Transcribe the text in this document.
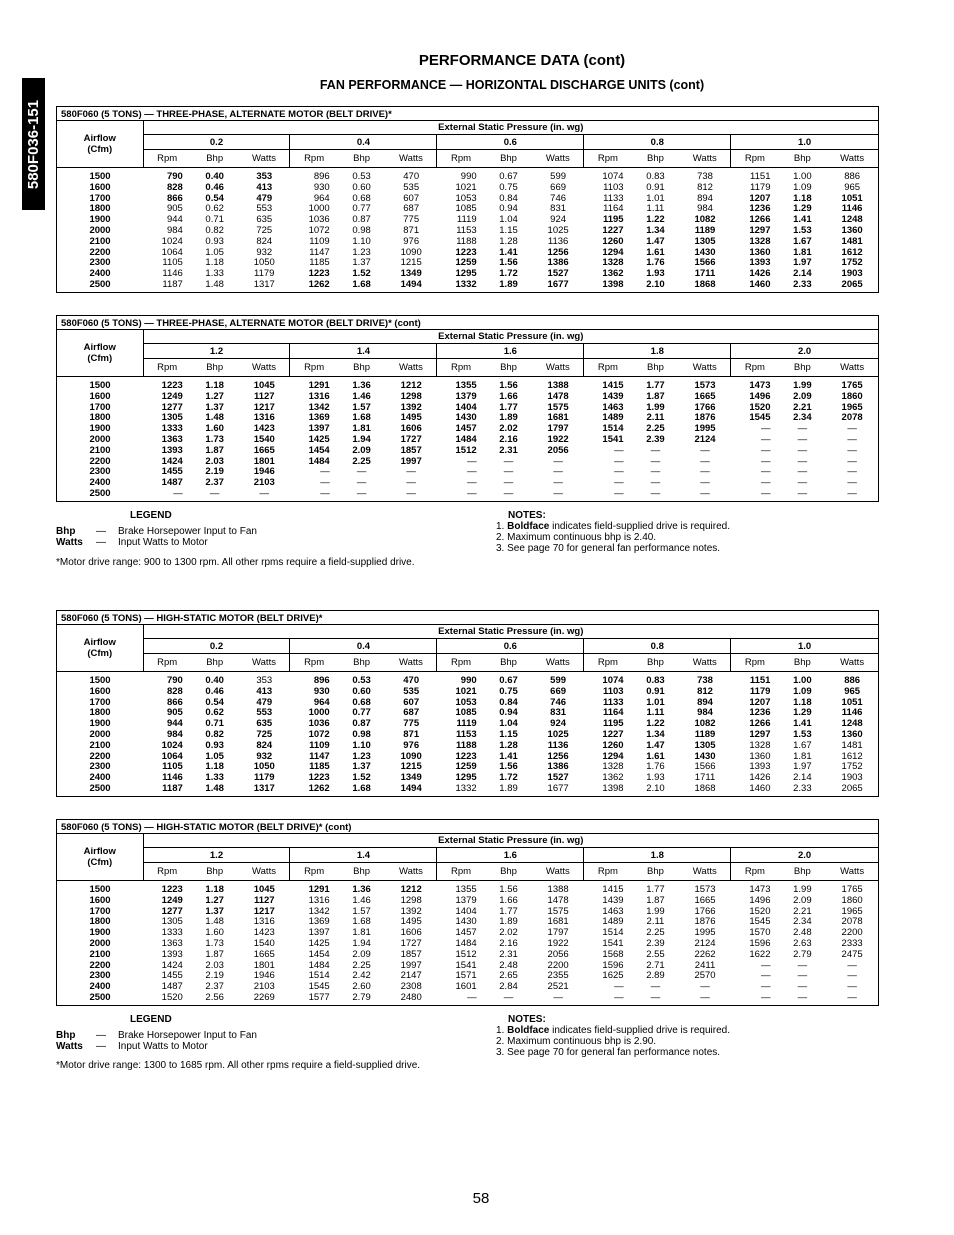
580F036-151
PERFORMANCE DATA (cont)
FAN PERFORMANCE — HORIZONTAL DISCHARGE UNITS (cont)
580F060 (5 TONS) — THREE-PHASE, ALTERNATE MOTOR (BELT DRIVE)*
Airflow
(Cfm)	External Static Pressure (in. wg)														
	0.2			0.4			0.6			0.8			1.0		
	Rpm	Bhp	Watts	Rpm	Bhp	Watts	Rpm	Bhp	Watts	Rpm	Bhp	Watts	Rpm	Bhp	Watts
1500	790	0.40	353	896	0.53	470	990	0.67	599	1074	0.83	738	1151	1.00	886
1600	828	0.46	413	930	0.60	535	1021	0.75	669	1103	0.91	812	1179	1.09	965
1700	866	0.54	479	964	0.68	607	1053	0.84	746	1133	1.01	894	1207	1.18	1051
1800	905	0.62	553	1000	0.77	687	1085	0.94	831	1164	1.11	984	1236	1.29	1146
1900	944	0.71	635	1036	0.87	775	1119	1.04	924	1195	1.22	1082	1266	1.41	1248
2000	984	0.82	725	1072	0.98	871	1153	1.15	1025	1227	1.34	1189	1297	1.53	1360
2100	1024	0.93	824	1109	1.10	976	1188	1.28	1136	1260	1.47	1305	1328	1.67	1481
2200	1064	1.05	932	1147	1.23	1090	1223	1.41	1256	1294	1.61	1430	1360	1.81	1612
2300	1105	1.18	1050	1185	1.37	1215	1259	1.56	1386	1328	1.76	1566	1393	1.97	1752
2400	1146	1.33	1179	1223	1.52	1349	1295	1.72	1527	1362	1.93	1711	1426	2.14	1903
2500	1187	1.48	1317	1262	1.68	1494	1332	1.89	1677	1398	2.10	1868	1460	2.33	2065
580F060 (5 TONS) — THREE-PHASE, ALTERNATE MOTOR (BELT DRIVE)* (cont)
Airflow
(Cfm)	External Static Pressure (in. wg)														
	1.2			1.4			1.6			1.8			2.0		
	Rpm	Bhp	Watts	Rpm	Bhp	Watts	Rpm	Bhp	Watts	Rpm	Bhp	Watts	Rpm	Bhp	Watts
1500	1223	1.18	1045	1291	1.36	1212	1355	1.56	1388	1415	1.77	1573	1473	1.99	1765
1600	1249	1.27	1127	1316	1.46	1298	1379	1.66	1478	1439	1.87	1665	1496	2.09	1860
1700	1277	1.37	1217	1342	1.57	1392	1404	1.77	1575	1463	1.99	1766	1520	2.21	1965
1800	1305	1.48	1316	1369	1.68	1495	1430	1.89	1681	1489	2.11	1876	1545	2.34	2078
1900	1333	1.60	1423	1397	1.81	1606	1457	2.02	1797	1514	2.25	1995	—	—	—
2000	1363	1.73	1540	1425	1.94	1727	1484	2.16	1922	1541	2.39	2124	—	—	—
2100	1393	1.87	1665	1454	2.09	1857	1512	2.31	2056	—	—	—	—	—	—
2200	1424	2.03	1801	1484	2.25	1997	—	—	—	—	—	—	—	—	—
2300	1455	2.19	1946	—	—	—	—	—	—	—	—	—	—	—	—
2400	1487	2.37	2103	—	—	—	—	—	—	—	—	—	—	—	—
2500	—	—	—	—	—	—	—	—	—	—	—	—	—	—	—
LEGEND
Bhp	—	Brake Horsepower Input to Fan
Watts	—	Input Watts to Motor
NOTES:
1. Boldface indicates field-supplied drive is required.
2. Maximum continuous bhp is 2.40.
3. See page 70 for general fan performance notes.
*Motor drive range: 900 to 1300 rpm. All other rpms require a field-supplied drive.
580F060 (5 TONS) — HIGH-STATIC MOTOR (BELT DRIVE)*
Airflow
(Cfm)	External Static Pressure (in. wg)														
	0.2			0.4			0.6			0.8			1.0		
	Rpm	Bhp	Watts	Rpm	Bhp	Watts	Rpm	Bhp	Watts	Rpm	Bhp	Watts	Rpm	Bhp	Watts
1500	790	0.40	353	896	0.53	470	990	0.67	599	1074	0.83	738	1151	1.00	886
1600	828	0.46	413	930	0.60	535	1021	0.75	669	1103	0.91	812	1179	1.09	965
1700	866	0.54	479	964	0.68	607	1053	0.84	746	1133	1.01	894	1207	1.18	1051
1800	905	0.62	553	1000	0.77	687	1085	0.94	831	1164	1.11	984	1236	1.29	1146
1900	944	0.71	635	1036	0.87	775	1119	1.04	924	1195	1.22	1082	1266	1.41	1248
2000	984	0.82	725	1072	0.98	871	1153	1.15	1025	1227	1.34	1189	1297	1.53	1360
2100	1024	0.93	824	1109	1.10	976	1188	1.28	1136	1260	1.47	1305	1328	1.67	1481
2200	1064	1.05	932	1147	1.23	1090	1223	1.41	1256	1294	1.61	1430	1360	1.81	1612
2300	1105	1.18	1050	1185	1.37	1215	1259	1.56	1386	1328	1.76	1566	1393	1.97	1752
2400	1146	1.33	1179	1223	1.52	1349	1295	1.72	1527	1362	1.93	1711	1426	2.14	1903
2500	1187	1.48	1317	1262	1.68	1494	1332	1.89	1677	1398	2.10	1868	1460	2.33	2065
580F060 (5 TONS) — HIGH-STATIC MOTOR (BELT DRIVE)* (cont)
Airflow
(Cfm)	External Static Pressure (in. wg)														
	1.2			1.4			1.6			1.8			2.0		
	Rpm	Bhp	Watts	Rpm	Bhp	Watts	Rpm	Bhp	Watts	Rpm	Bhp	Watts	Rpm	Bhp	Watts
1500	1223	1.18	1045	1291	1.36	1212	1355	1.56	1388	1415	1.77	1573	1473	1.99	1765
1600	1249	1.27	1127	1316	1.46	1298	1379	1.66	1478	1439	1.87	1665	1496	2.09	1860
1700	1277	1.37	1217	1342	1.57	1392	1404	1.77	1575	1463	1.99	1766	1520	2.21	1965
1800	1305	1.48	1316	1369	1.68	1495	1430	1.89	1681	1489	2.11	1876	1545	2.34	2078
1900	1333	1.60	1423	1397	1.81	1606	1457	2.02	1797	1514	2.25	1995	1570	2.48	2200
2000	1363	1.73	1540	1425	1.94	1727	1484	2.16	1922	1541	2.39	2124	1596	2.63	2333
2100	1393	1.87	1665	1454	2.09	1857	1512	2.31	2056	1568	2.55	2262	1622	2.79	2475
2200	1424	2.03	1801	1484	2.25	1997	1541	2.48	2200	1596	2.71	2411	—	—	—
2300	1455	2.19	1946	1514	2.42	2147	1571	2.65	2355	1625	2.89	2570	—	—	—
2400	1487	2.37	2103	1545	2.60	2308	1601	2.84	2521	—	—	—	—	—	—
2500	1520	2.56	2269	1577	2.79	2480	—	—	—	—	—	—	—	—	—
LEGEND
Bhp	—	Brake Horsepower Input to Fan
Watts	—	Input Watts to Motor
NOTES:
1. Boldface indicates field-supplied drive is required.
2. Maximum continuous bhp is 2.90.
3. See page 70 for general fan performance notes.
*Motor drive range: 1300 to 1685 rpm. All other rpms require a field-supplied drive.
58
